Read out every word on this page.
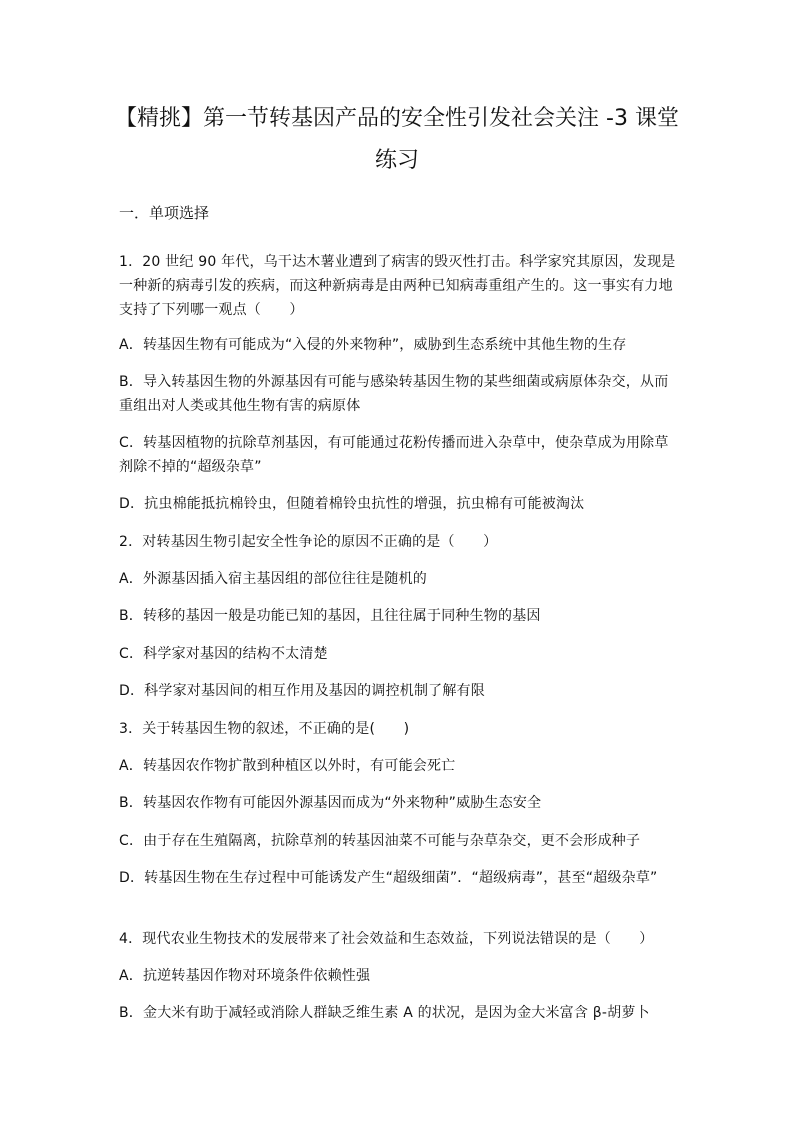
【精挑】第一节转基因产品的安全性引发社会关注 -3 课堂
练习

一．单项选择

1．20 世纪 90 年代，乌干达木薯业遭到了病害的毁灭性打击。科学家究其原因，发现是一种新的病毒引发的疾病，而这种新病毒是由两种已知病毒重组产生的。这一事实有力地支持了下列哪一观点（　　）

A．转基因生物有可能成为“入侵的外来物种”，威胁到生态系统中其他生物的生存

B．导入转基因生物的外源基因有可能与感染转基因生物的某些细菌或病原体杂交，从而重组出对人类或其他生物有害的病原体

C．转基因植物的抗除草剂基因，有可能通过花粉传播而进入杂草中，使杂草成为用除草剂除不掉的“超级杂草”

D．抗虫棉能抵抗棉铃虫，但随着棉铃虫抗性的增强，抗虫棉有可能被淘汰

2．对转基因生物引起安全性争论的原因不正确的是（　　）

A．外源基因插入宿主基因组的部位往往是随机的

B．转移的基因一般是功能已知的基因，且往往属于同种生物的基因

C．科学家对基因的结构不太清楚

D．科学家对基因间的相互作用及基因的调控机制了解有限

3．关于转基因生物的叙述，不正确的是(　　)

A．转基因农作物扩散到种植区以外时，有可能会死亡

B．转基因农作物有可能因外源基因而成为“外来物种”威胁生态安全

C．由于存在生殖隔离，抗除草剂的转基因油菜不可能与杂草杂交，更不会形成种子

D．转基因生物在生存过程中可能诱发产生“超级细菌”．“超级病毒”，甚至“超级杂草”

4．现代农业生物技术的发展带来了社会效益和生态效益，下列说法错误的是（　　）

A．抗逆转基因作物对环境条件依赖性强

B．金大米有助于减轻或消除人群缺乏维生素 A 的状况，是因为金大米富含 β-胡萝卜
